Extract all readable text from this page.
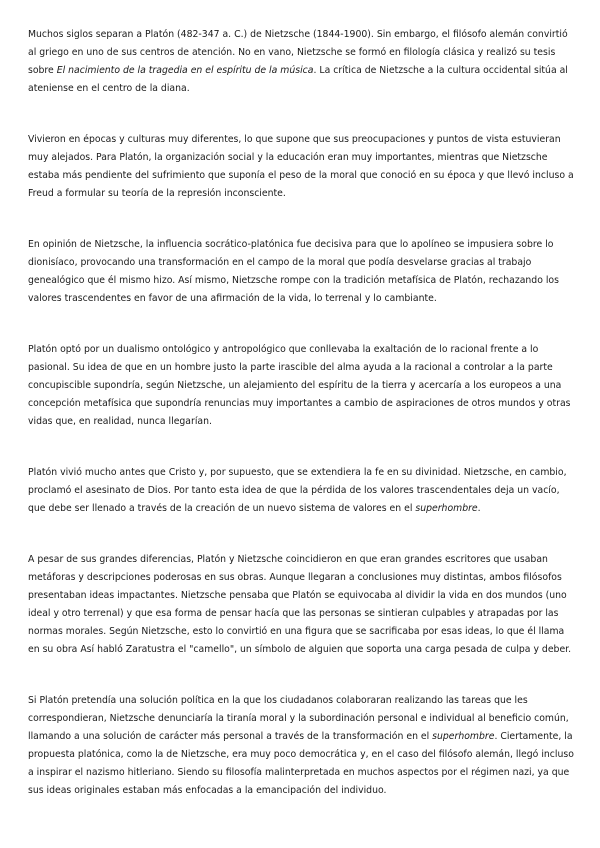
Muchos siglos separan a Platón (482-347 a. C.) de Nietzsche (1844-1900). Sin embargo, el filósofo alemán convirtió al griego en uno de sus centros de atención. No en vano, Nietzsche se formó en filología clásica y realizó su tesis sobre El nacimiento de la tragedia en el espíritu de la música. La crítica de Nietzsche a la cultura occidental sitúa al ateniense en el centro de la diana.

Vivieron en épocas y culturas muy diferentes, lo que supone que sus preocupaciones y puntos de vista estuvieran muy alejados. Para Platón, la organización social y la educación eran muy importantes, mientras que Nietzsche estaba más pendiente del sufrimiento que suponía el peso de la moral que conoció en su época y que llevó incluso a Freud a formular su teoría de la represión inconsciente.

En opinión de Nietzsche, la influencia socrático-platónica fue decisiva para que lo apolíneo se impusiera sobre lo dionisíaco, provocando una transformación en el campo de la moral que podía desvelarse gracias al trabajo genealógico que él mismo hizo. Así mismo, Nietzsche rompe con la tradición metafísica de Platón, rechazando los valores trascendentes en favor de una afirmación de la vida, lo terrenal y lo cambiante.

Platón optó por un dualismo ontológico y antropológico que conllevaba la exaltación de lo racional frente a lo pasional. Su idea de que en un hombre justo la parte irascible del alma ayuda a la racional a controlar a la parte concupiscible supondría, según Nietzsche, un alejamiento del espíritu de la tierra y acercaría a los europeos a una concepción metafísica que supondría renuncias muy importantes a cambio de aspiraciones de otros mundos y otras vidas que, en realidad, nunca llegarían.

Platón vivió mucho antes que Cristo y, por supuesto, que se extendiera la fe en su divinidad. Nietzsche, en cambio, proclamó el asesinato de Dios. Por tanto esta idea de que la pérdida de los valores trascendentales deja un vacío, que debe ser llenado a través de la creación de un nuevo sistema de valores en el superhombre.

A pesar de sus grandes diferencias, Platón y Nietzsche coincidieron en que eran grandes escritores que usaban metáforas y descripciones poderosas en sus obras. Aunque llegaran a conclusiones muy distintas, ambos filósofos presentaban ideas impactantes. Nietzsche pensaba que Platón se equivocaba al dividir la vida en dos mundos (uno ideal y otro terrenal) y que esa forma de pensar hacía que las personas se sintieran culpables y atrapadas por las normas morales. Según Nietzsche, esto lo convirtió en una figura que se sacrificaba por esas ideas, lo que él llama en su obra Así habló Zaratustra el "camello", un símbolo de alguien que soporta una carga pesada de culpa y deber.

Si Platón pretendía una solución política en la que los ciudadanos colaboraran realizando las tareas que les correspondieran, Nietzsche denunciaría la tiranía moral y la subordinación personal e individual al beneficio común, llamando a una solución de carácter más personal a través de la transformación en el superhombre. Ciertamente, la propuesta platónica, como la de Nietzsche, era muy poco democrática y, en el caso del filósofo alemán, llegó incluso a inspirar el nazismo hitleriano. Siendo su filosofía malinterpretada en muchos aspectos por el régimen nazi, ya que sus ideas originales estaban más enfocadas a la emancipación del individuo.
